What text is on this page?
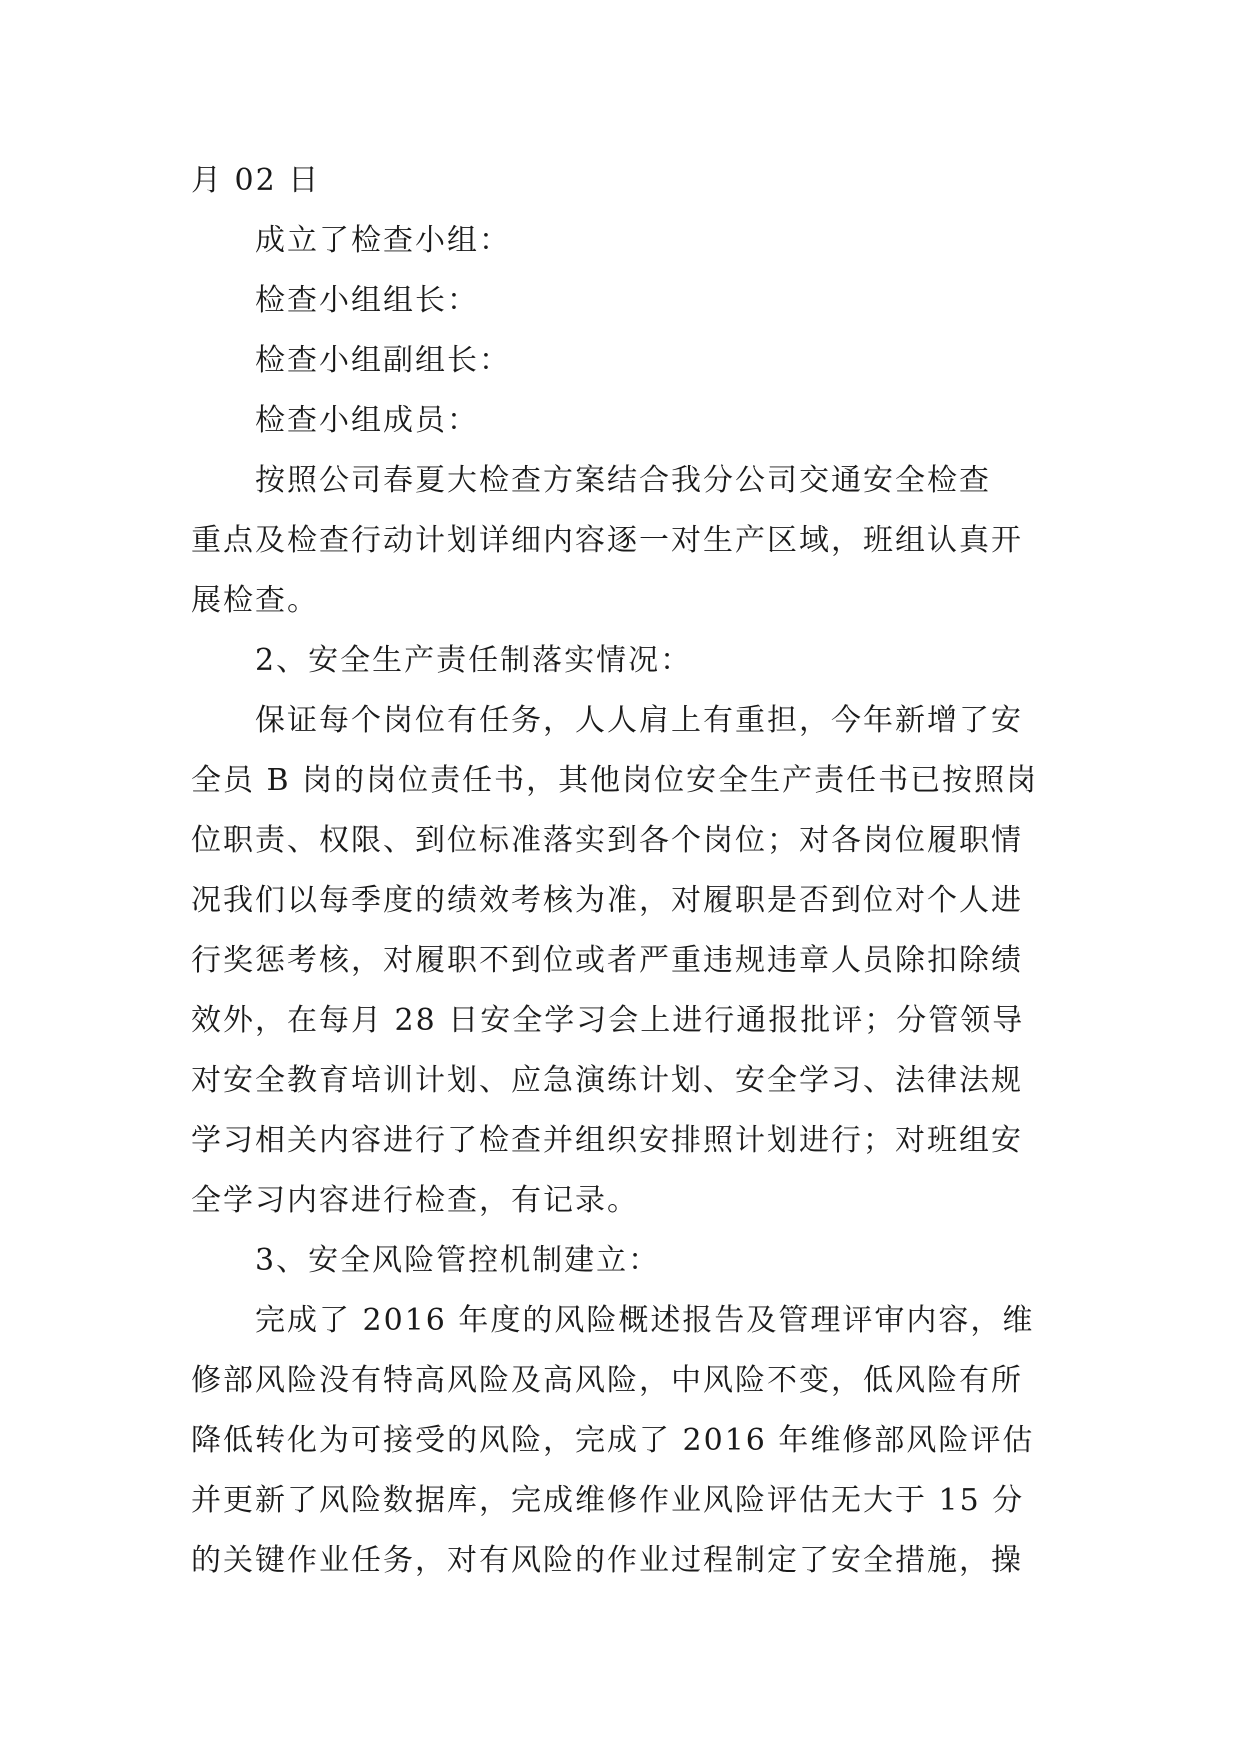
月 02 日
成立了检查小组：
检查小组组长：
检查小组副组长：
检查小组成员：
按照公司春夏大检查方案结合我分公司交通安全检查
重点及检查行动计划详细内容逐一对生产区域，班组认真开
展检查。
2、安全生产责任制落实情况：
保证每个岗位有任务，人人肩上有重担，今年新增了安
全员 B 岗的岗位责任书，其他岗位安全生产责任书已按照岗
位职责、权限、到位标准落实到各个岗位；对各岗位履职情
况我们以每季度的绩效考核为准，对履职是否到位对个人进
行奖惩考核，对履职不到位或者严重违规违章人员除扣除绩
效外，在每月 28 日安全学习会上进行通报批评；分管领导
对安全教育培训计划、应急演练计划、安全学习、法律法规
学习相关内容进行了检查并组织安排照计划进行；对班组安
全学习内容进行检查，有记录。
3、安全风险管控机制建立：
完成了 2016 年度的风险概述报告及管理评审内容，维
修部风险没有特高风险及高风险，中风险不变，低风险有所
降低转化为可接受的风险，完成了 2016 年维修部风险评估
并更新了风险数据库，完成维修作业风险评估无大于 15 分
的关键作业任务，对有风险的作业过程制定了安全措施，操
